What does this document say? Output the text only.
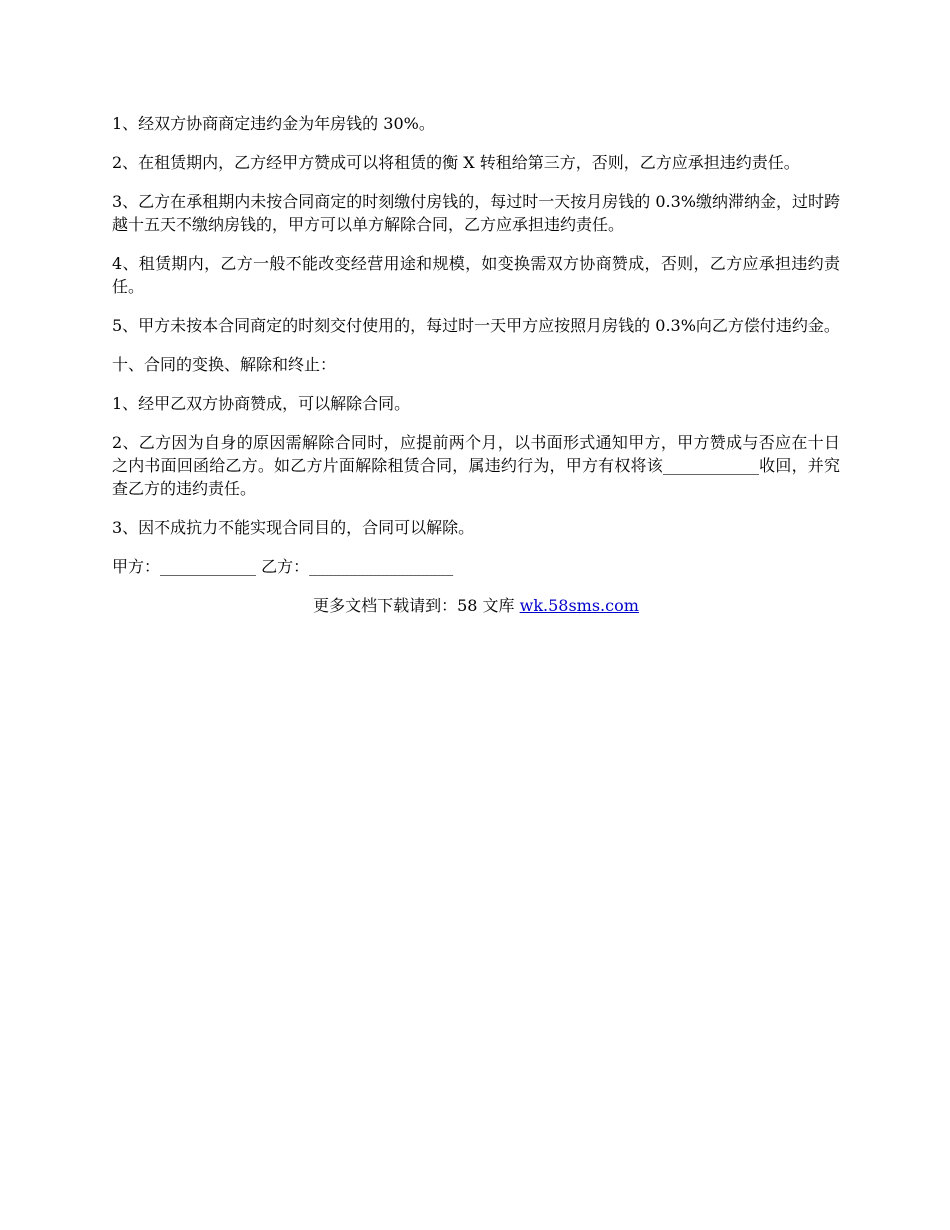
1、经双方协商商定违约金为年房钱的 30%。

2、在租赁期内，乙方经甲方赞成可以将租赁的衡 X 转租给第三方，否则，乙方应承担违约责任。

3、乙方在承租期内未按合同商定的时刻缴付房钱的，每过时一天按月房钱的 0.3%缴纳滞纳金，过时跨越十五天不缴纳房钱的，甲方可以单方解除合同，乙方应承担违约责任。

4、租赁期内，乙方一般不能改变经营用途和规模，如变换需双方协商赞成，否则，乙方应承担违约责任。

5、甲方未按本合同商定的时刻交付使用的，每过时一天甲方应按照月房钱的 0.3%向乙方偿付违约金。

十、合同的变换、解除和终止：

1、经甲乙双方协商赞成，可以解除合同。

2、乙方因为自身的原因需解除合同时，应提前两个月，以书面形式通知甲方，甲方赞成与否应在十日之内书面回函给乙方。如乙方片面解除租赁合同，属违约行为，甲方有权将该____________收回，并究查乙方的违约责任。

3、因不成抗力不能实现合同目的，合同可以解除。

甲方：____________ 乙方：__________________

更多文档下载请到：58 文库 wk.58sms.com
